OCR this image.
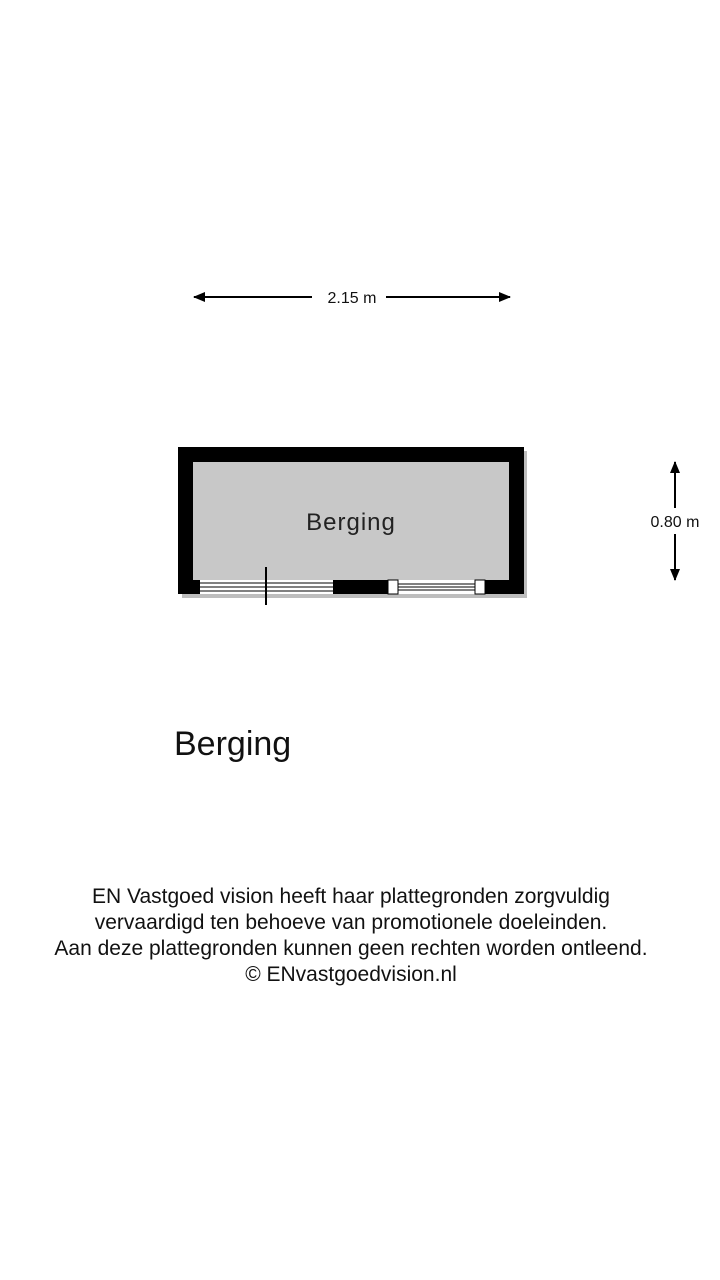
2.15 m
0.80 m
Berging
Berging
EN Vastgoed vision heeft haar plattegronden zorgvuldig
vervaardigd ten behoeve van promotionele doeleinden.
Aan deze plattegronden kunnen geen rechten worden ontleend.
© ENvastgoedvision.nl
